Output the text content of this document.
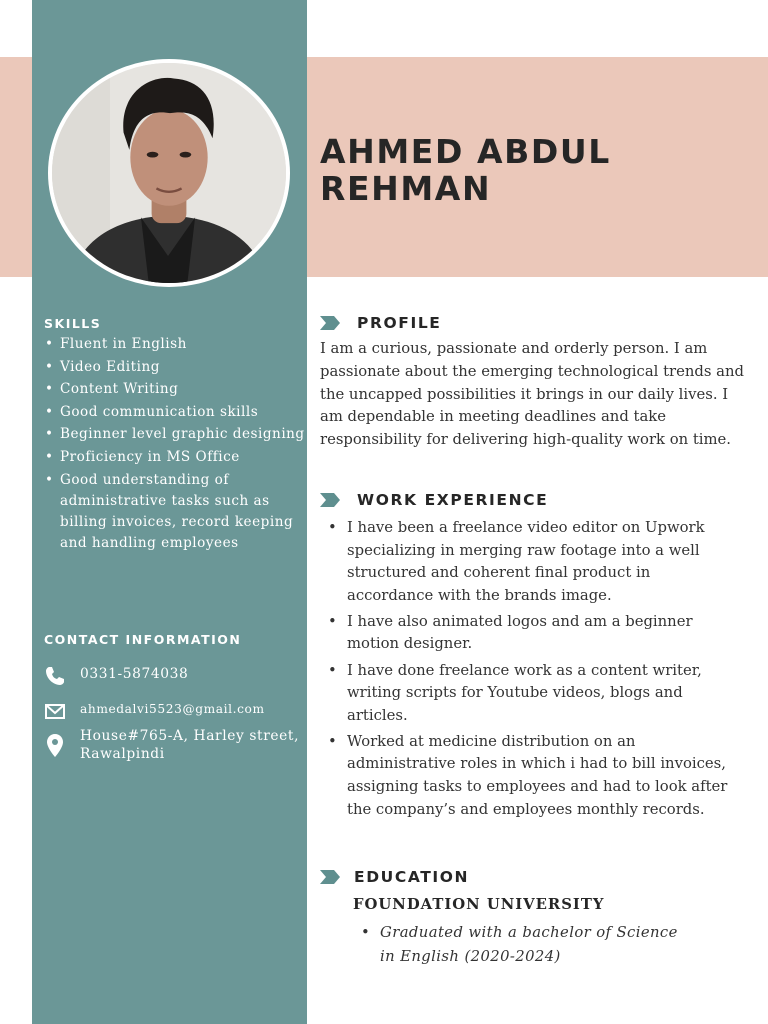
AHMED ABDUL REHMAN
SKILLS
• Fluent in English
• Video Editing
• Content Writing
• Good communication skills
• Beginner level graphic designing
• Proficiency in MS Office
• Good understanding of administrative tasks such as billing invoices, record keeping and handling employees
CONTACT INFORMATION
0331-5874038
ahmedalvi5523@gmail.com
House#765-A, Harley street, Rawalpindi
PROFILE
I am a curious, passionate and orderly person. I am passionate about the emerging technological trends and the uncapped possibilities it brings in our daily lives. I am dependable in meeting deadlines and take responsibility for delivering high-quality work on time.
WORK EXPERIENCE
• I have been a freelance video editor on Upwork specializing in merging raw footage into a well structured and coherent final product in accordance with the brands image.
• I have also animated logos and am a beginner motion designer.
• I have done freelance work as a content writer, writing scripts for Youtube videos, blogs and articles.
• Worked at medicine distribution on an administrative roles in which i had to bill invoices, assigning tasks to employees and had to look after the company’s and employees monthly records.
EDUCATION
FOUNDATION UNIVERSITY
• Graduated with a bachelor of Science in English (2020-2024)
